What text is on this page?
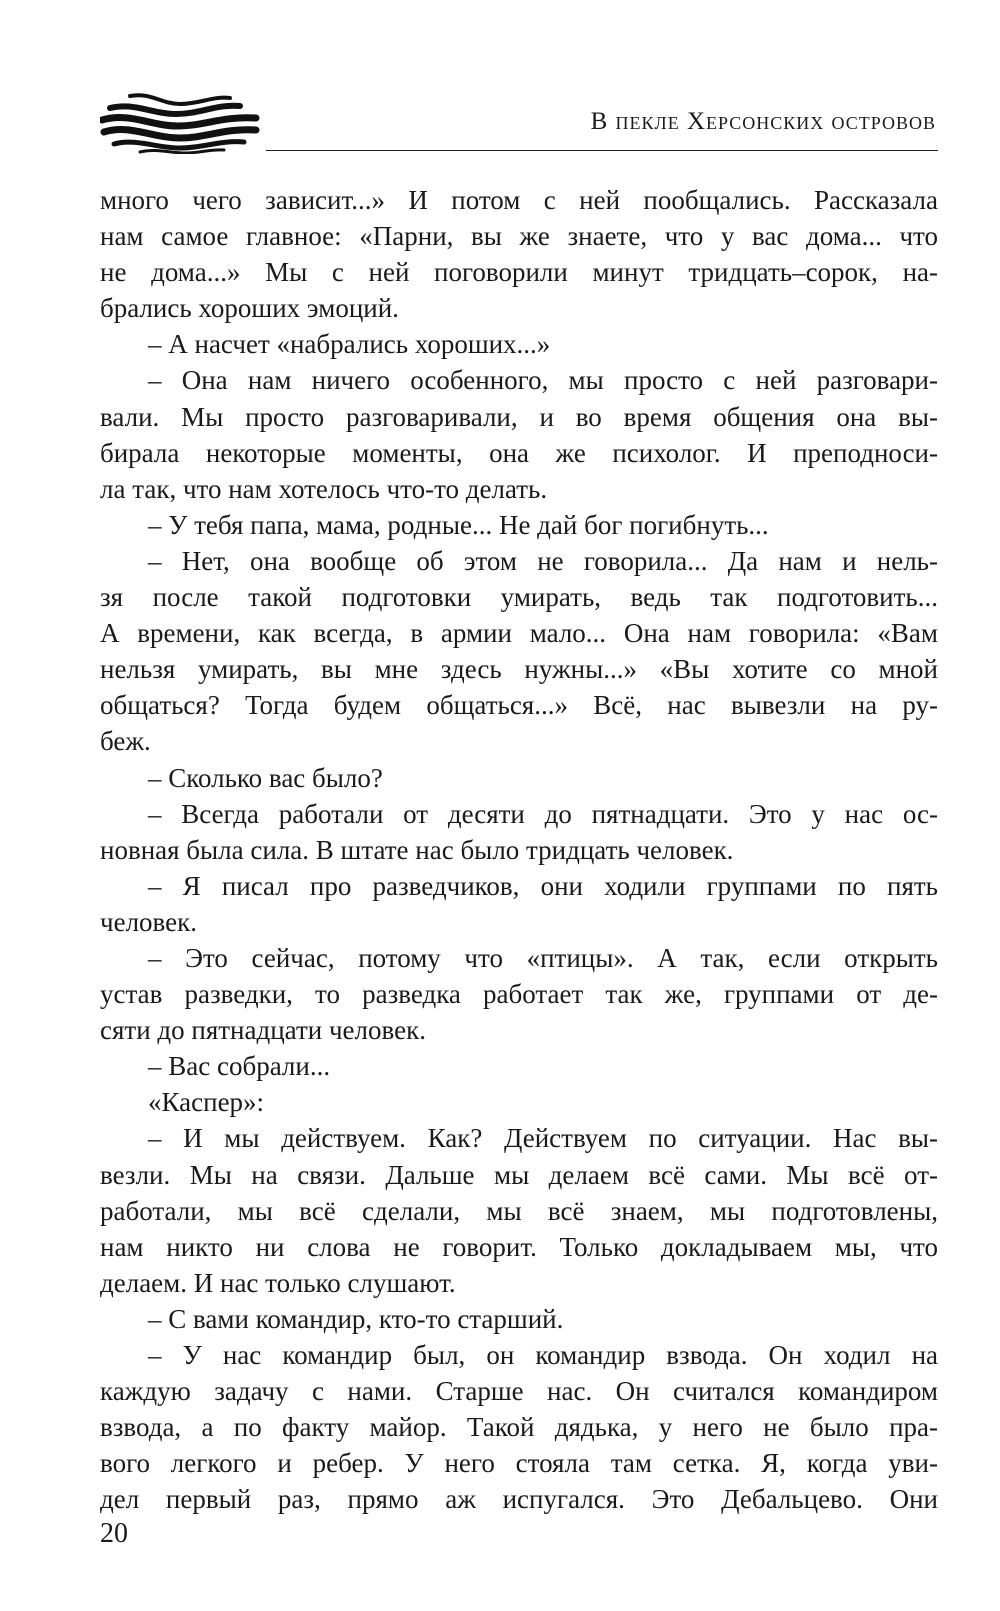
В пекле Херсонских островов
много чего зависит...» И потом с ней пообщались. Рассказала
нам самое главное: «Парни, вы же знаете, что у вас дома... что
не дома...» Мы с ней поговорили минут тридцать–сорок, на-
брались хороших эмоций.
– А насчет «набрались хороших...»
– Она нам ничего особенного, мы просто с ней разговари-
вали. Мы просто разговаривали, и во время общения она вы-
бирала некоторые моменты, она же психолог. И преподноси-
ла так, что нам хотелось что-то делать.
– У тебя папа, мама, родные... Не дай бог погибнуть...
– Нет, она вообще об этом не говорила... Да нам и нель-
зя после такой подготовки умирать, ведь так подготовить...
А времени, как всегда, в армии мало... Она нам говорила: «Вам
нельзя умирать, вы мне здесь нужны...» «Вы хотите со мной
общаться? Тогда будем общаться...» Всё, нас вывезли на ру-
беж.
– Сколько вас было?
– Всегда работали от десяти до пятнадцати. Это у нас ос-
новная была сила. В штате нас было тридцать человек.
– Я писал про разведчиков, они ходили группами по пять
человек.
– Это сейчас, потому что «птицы». А так, если открыть
устав разведки, то разведка работает так же, группами от де-
сяти до пятнадцати человек.
– Вас собрали...
«Каспер»:
– И мы действуем. Как? Действуем по ситуации. Нас вы-
везли. Мы на связи. Дальше мы делаем всё сами. Мы всё от-
работали, мы всё сделали, мы всё знаем, мы подготовлены,
нам никто ни слова не говорит. Только докладываем мы, что
делаем. И нас только слушают.
– С вами командир, кто-то старший.
– У нас командир был, он командир взвода. Он ходил на
каждую задачу с нами. Старше нас. Он считался командиром
взвода, а по факту майор. Такой дядька, у него не было пра-
вого легкого и ребер. У него стояла там сетка. Я, когда уви-
дел первый раз, прямо аж испугался. Это Дебальцево. Они
20
